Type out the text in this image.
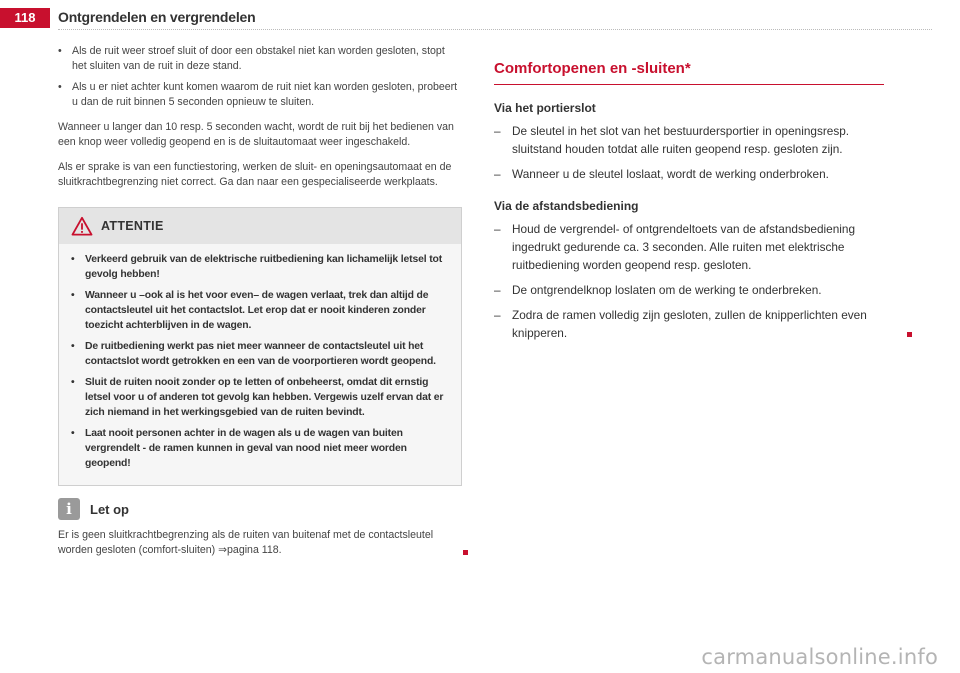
118	Ontgrendelen en vergrendelen
• Als de ruit weer stroef sluit of door een obstakel niet kan worden gesloten, stopt het sluiten van de ruit in deze stand.
• Als u er niet achter kunt komen waarom de ruit niet kan worden gesloten, probeert u dan de ruit binnen 5 seconden opnieuw te sluiten.

Wanneer u langer dan 10 resp. 5 seconden wacht, wordt de ruit bij het bedienen van een knop weer volledig geopend en is de sluitautomaat weer ingeschakeld.

Als er sprake is van een functiestoring, werken de sluit- en openingsautomaat en de sluitkrachtbegrenzing niet correct. Ga dan naar een gespecialiseerde werkplaats.

ATTENTIE
•	Verkeerd gebruik van de elektrische ruitbediening kan lichamelijk letsel tot gevolg hebben!
•	Wanneer u –ook al is het voor even– de wagen verlaat, trek dan altijd de contactsleutel uit het contactslot. Let erop dat er nooit kinderen zonder toezicht achterblijven in de wagen.
•	De ruitbediening werkt pas niet meer wanneer de contactsleutel uit het contactslot wordt getrokken en een van de voorportieren wordt geopend.
•	Sluit de ruiten nooit zonder op te letten of onbeheerst, omdat dit ernstig letsel voor u of anderen tot gevolg kan hebben. Vergewis uzelf ervan dat er zich niemand in het werkingsgebied van de ruiten bevindt.
•	Laat nooit personen achter in de wagen als u de wagen van buiten vergrendelt - de ramen kunnen in geval van nood niet meer worden geopend!
i	Let op
Er is geen sluitkrachtbegrenzing als de ruiten van buitenaf met de contactsleutel worden gesloten (comfort-sluiten) ⇒pagina 118.
Comfortopenen en -sluiten*
Via het portierslot
– De sleutel in het slot van het bestuurdersportier in openingsresp. sluitstand houden totdat alle ruiten geopend resp. gesloten zijn.
– Wanneer u de sleutel loslaat, wordt de werking onderbroken.
Via de afstandsbediening
– Houd de vergrendel- of ontgrendeltoets van de afstandsbediening ingedrukt gedurende ca. 3 seconden. Alle ruiten met elektrische ruitbediening worden geopend resp. gesloten.
– De ontgrendelknop loslaten om de werking te onderbreken.
– Zodra de ramen volledig zijn gesloten, zullen de knipperlichten even knipperen.
carmanualsonline.info
